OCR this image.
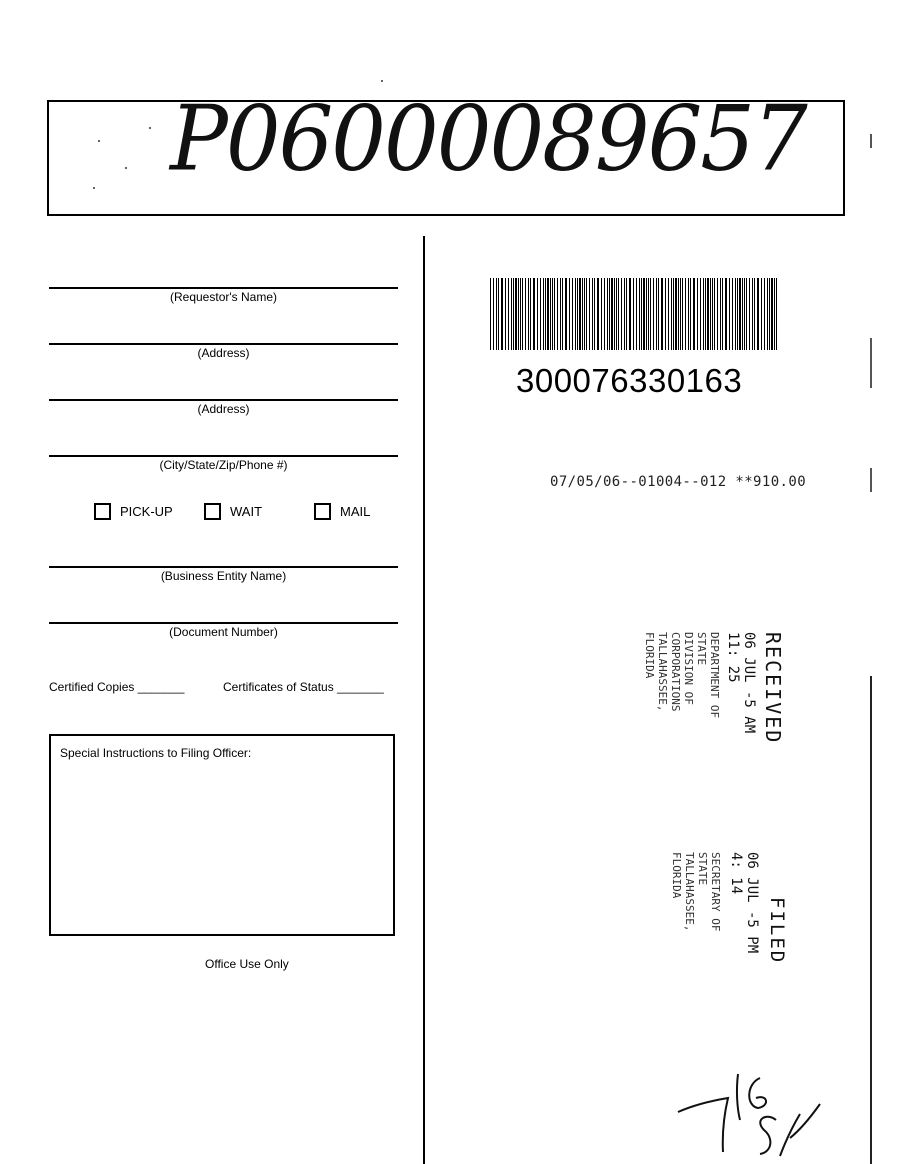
P06000089657
(Requestor's Name)
(Address)
(Address)
(City/State/Zip/Phone #)
PICK-UP	WAIT	MAIL
(Business Entity Name)
(Document Number)
Certified Copies _______	Certificates of Status _______
Special Instructions to Filing Officer:
Office Use Only
300076330163
07/05/06--01004--012 **910.00
RECEIVED
06 JUL -5 AM 11: 25
DEPARTMENT OF STATE
DIVISION OF CORPORATIONS
TALLAHASSEE, FLORIDA
FILED
06 JUL -5 PM 4: 14
SECRETARY OF STATE
TALLAHASSEE, FLORIDA
